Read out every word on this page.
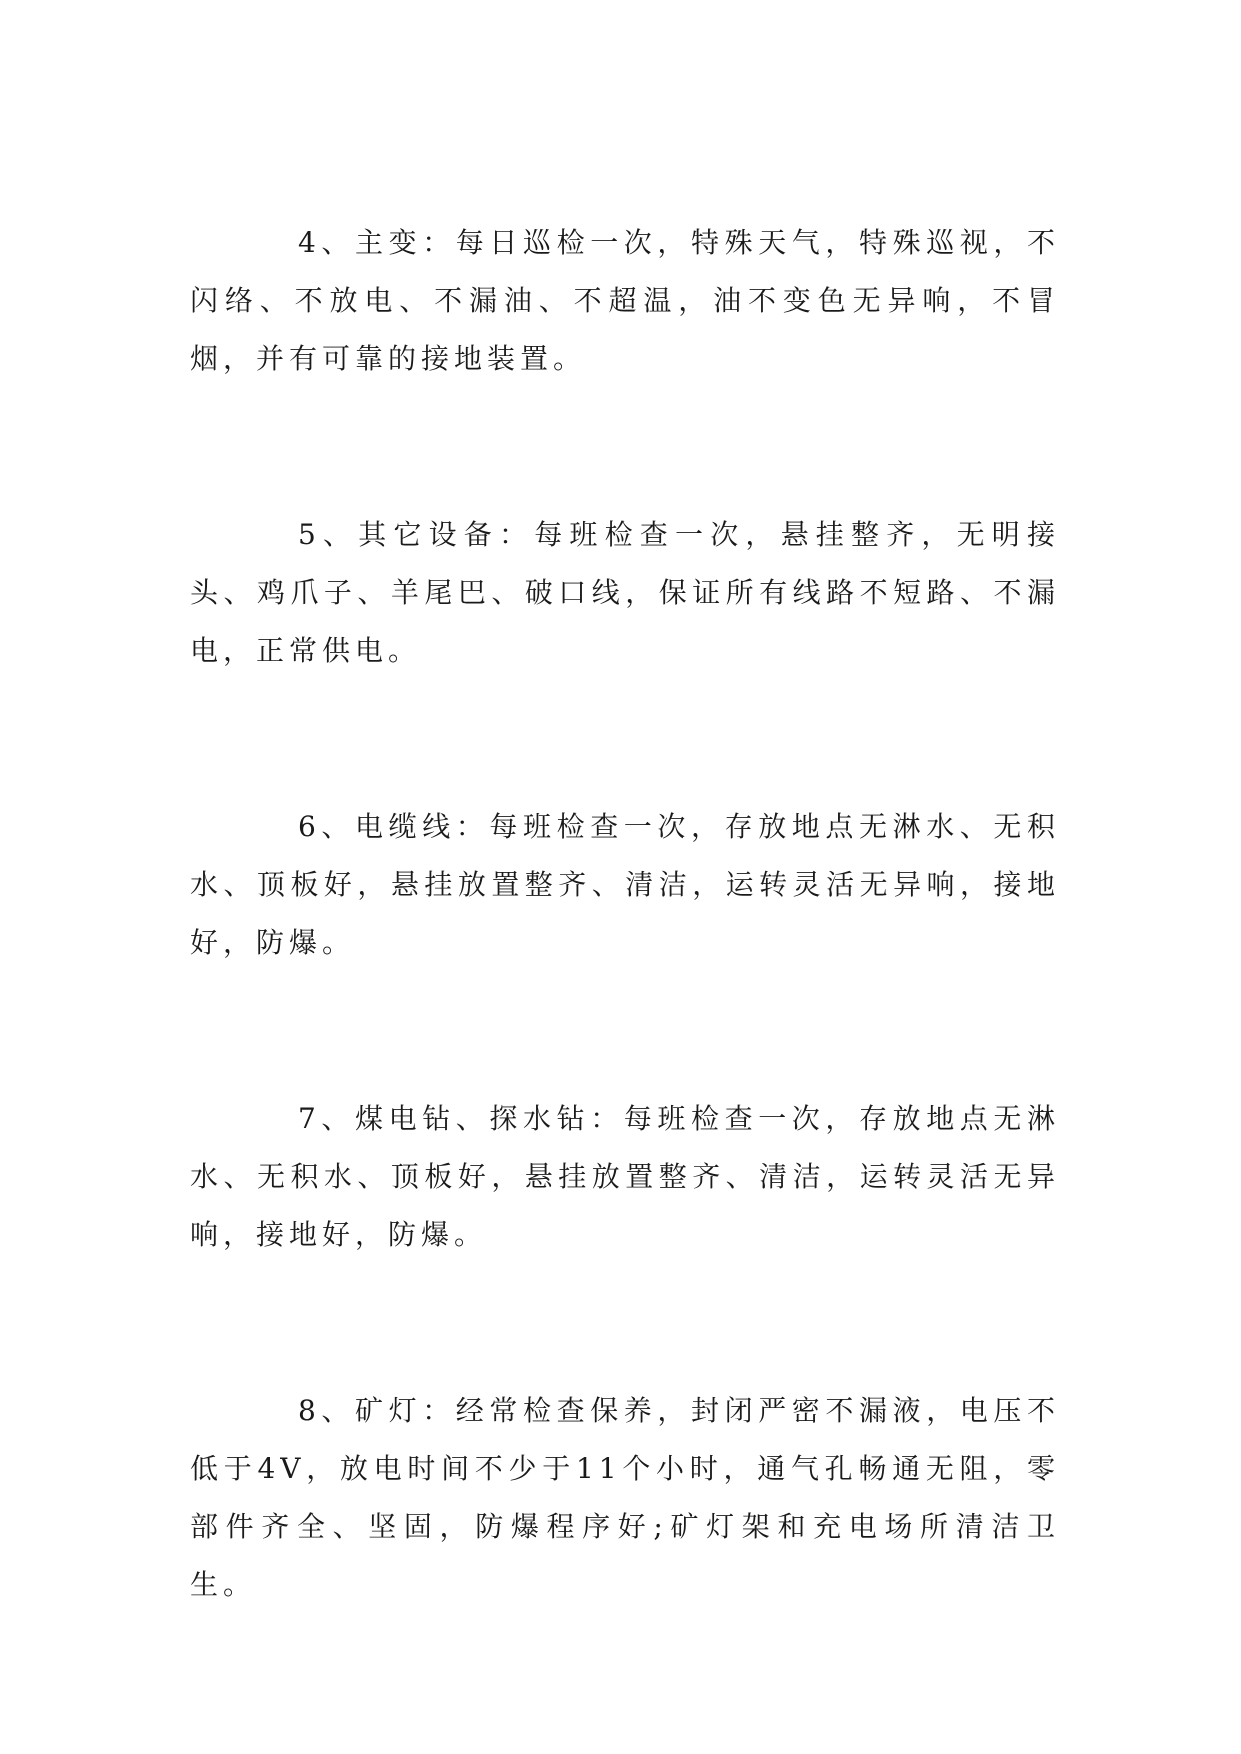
4、主变：每日巡检一次，特殊天气，特殊巡视，不闪络、不放电、不漏油、不超温，油不变色无异响，不冒烟，并有可靠的接地装置。

5、其它设备：每班检查一次，悬挂整齐，无明接头、鸡爪子、羊尾巴、破口线，保证所有线路不短路、不漏电，正常供电。

6、电缆线：每班检查一次，存放地点无淋水、无积水、顶板好，悬挂放置整齐、清洁，运转灵活无异响，接地好，防爆。

7、煤电钻、探水钻：每班检查一次，存放地点无淋水、无积水、顶板好，悬挂放置整齐、清洁，运转灵活无异响，接地好，防爆。

8、矿灯：经常检查保养，封闭严密不漏液，电压不低于4V，放电时间不少于11个小时，通气孔畅通无阻，零部件齐全、坚固，防爆程序好;矿灯架和充电场所清洁卫生。
